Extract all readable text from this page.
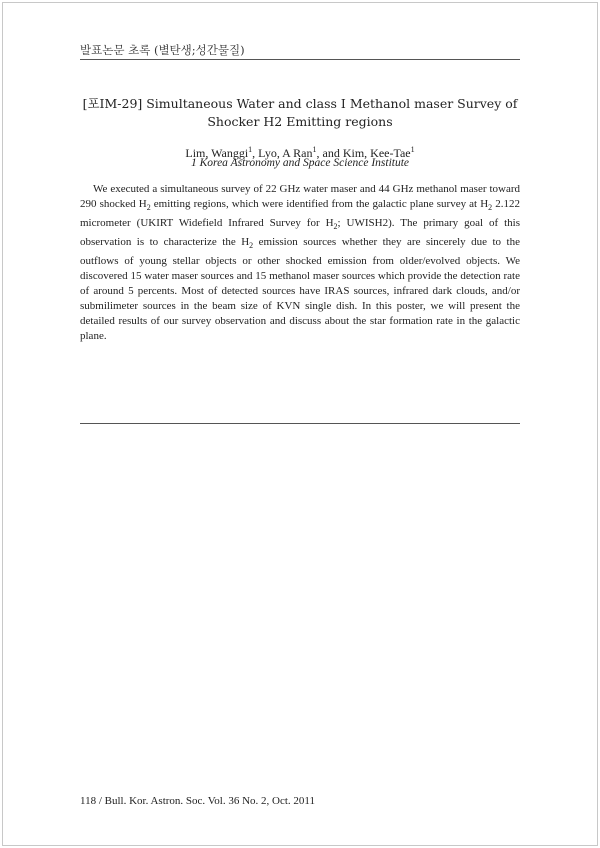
발표논문 초록 (별탄생;성간물질)
[포IM-29] Simultaneous Water and class I Methanol maser Survey of
Shocker H2 Emitting regions
Lim, Wanggi$^1$, Lyo, A Ran$^1$, and Kim, Kee-Tae$^1$
1 Korea Astronomy and Space Science Institute

We executed a simultaneous survey of 22 GHz water maser and 44 GHz methanol maser toward 290 shocked $H_2$ emitting regions, which were identified from the galactic plane survey at $H_2$ 2.122 micrometer (UKIRT Widefield Infrared Survey for $H_2$; UWISH2). The primary goal of this observation is to characterize the $H_2$ emission sources whether they are sincerely due to the outflows of young stellar objects or other shocked emission from older/evolved objects. We discovered 15 water maser sources and 15 methanol maser sources which provide the detection rate of around 5 percents. Most of detected sources have IRAS sources, infrared dark clouds, and/or submilimeter sources in the beam size of KVN single dish. In this poster, we will present the detailed results of our survey observation and discuss about the star formation rate in the galactic plane.

118 / Bull. Kor. Astron. Soc. Vol. 36 No. 2, Oct. 2011
